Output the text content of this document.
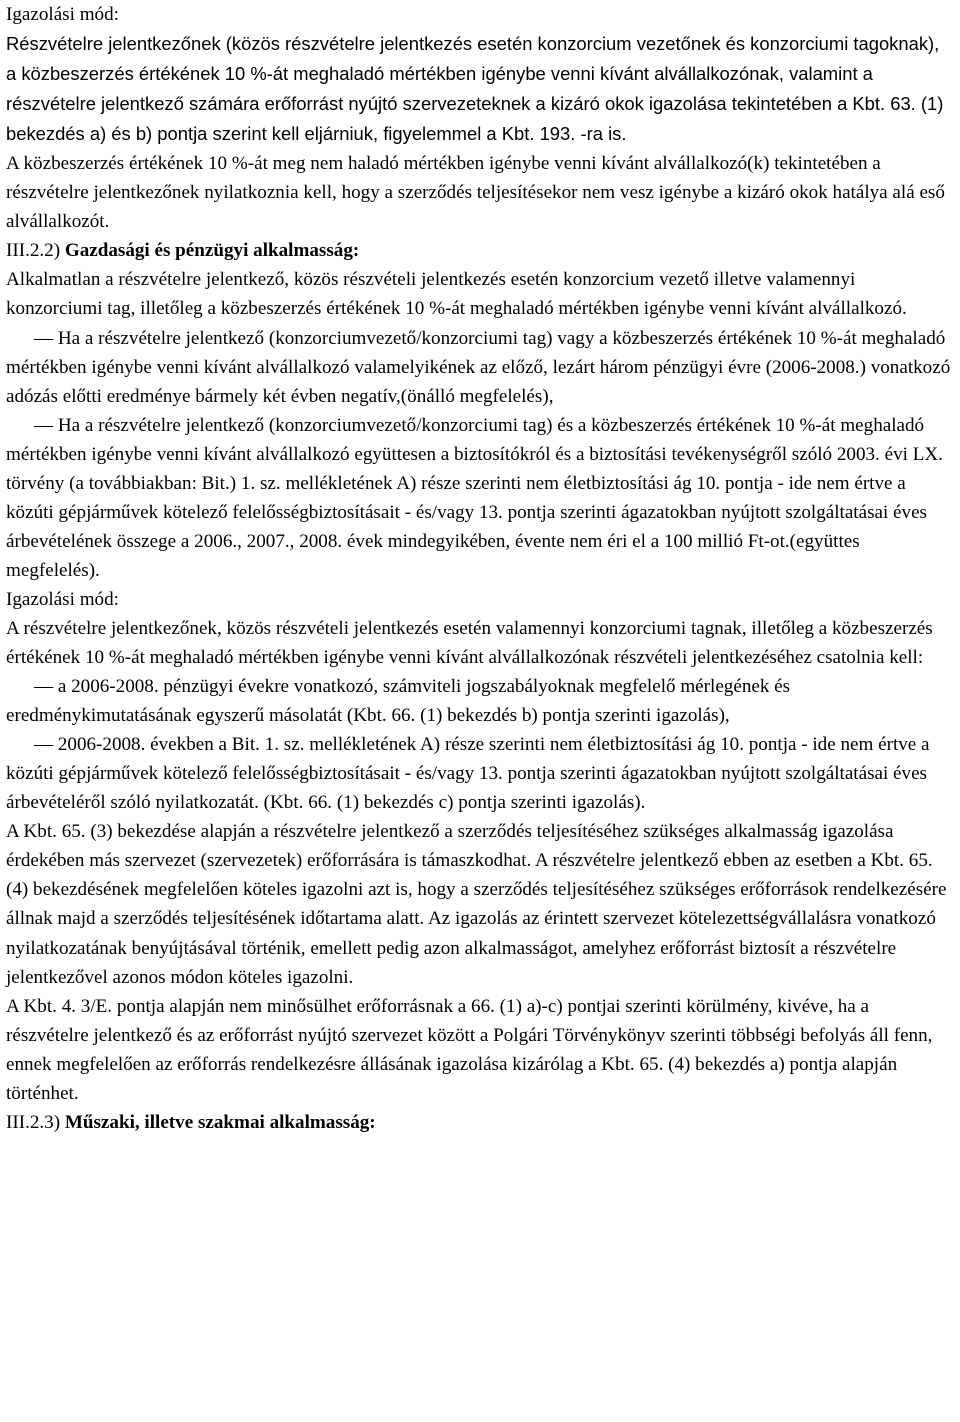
Igazolási mód:

Részvételre jelentkezőnek (közös részvételre jelentkezés esetén konzorcium vezetőnek és konzorciumi tagoknak), a közbeszerzés értékének 10 %-át meghaladó mértékben igénybe venni kívánt alvállalkozónak, valamint a részvételre jelentkező számára erőforrást nyújtó szervezeteknek a kizáró okok igazolása tekintetében a Kbt. 63. (1) bekezdés a) és b) pontja szerint kell eljárniuk, figyelemmel a Kbt. 193. -ra is.

A közbeszerzés értékének 10 %-át meg nem haladó mértékben igénybe venni kívánt alvállalkozó(k) tekintetében a részvételre jelentkezőnek nyilatkoznia kell, hogy a szerződés teljesítésekor nem vesz igénybe a kizáró okok hatálya alá eső alvállalkozót.

III.2.2) Gazdasági és pénzügyi alkalmasság:

Alkalmatlan a részvételre jelentkező, közös részvételi jelentkezés esetén konzorcium vezető illetve valamennyi konzorciumi tag, illetőleg a közbeszerzés értékének 10 %-át meghaladó mértékben igénybe venni kívánt alvállalkozó.

— Ha a részvételre jelentkező (konzorciumvezető/konzorciumi tag) vagy a közbeszerzés értékének 10 %-át meghaladó mértékben igénybe venni kívánt alvállalkozó valamelyikének az előző, lezárt három pénzügyi évre (2006-2008.) vonatkozó adózás előtti eredménye bármely két évben negatív,(önálló megfelelés),

— Ha a részvételre jelentkező (konzorciumvezető/konzorciumi tag) és a közbeszerzés értékének 10 %-át meghaladó mértékben igénybe venni kívánt alvállalkozó együttesen a biztosítókról és a biztosítási tevékenységről szóló 2003. évi LX. törvény (a továbbiakban: Bit.) 1. sz. mellékletének A) része szerinti nem életbiztosítási ág 10. pontja - ide nem értve a közúti gépjárművek kötelező felelősségbiztosításait - és/vagy 13. pontja szerinti ágazatokban nyújtott szolgáltatásai éves árbevételének összege a 2006., 2007., 2008. évek mindegyikében, évente nem éri el a 100 millió Ft-ot.(együttes megfelelés).

Igazolási mód:

A részvételre jelentkezőnek, közös részvételi jelentkezés esetén valamennyi konzorciumi tagnak, illetőleg a közbeszerzés értékének 10 %-át meghaladó mértékben igénybe venni kívánt alvállalkozónak részvételi jelentkezéséhez csatolnia kell:

— a 2006-2008. pénzügyi évekre vonatkozó, számviteli jogszabályoknak megfelelő mérlegének és eredménykimutatásának egyszerű másolatát (Kbt. 66. (1) bekezdés b) pontja szerinti igazolás),

— 2006-2008. években a Bit. 1. sz. mellékletének A) része szerinti nem életbiztosítási ág 10. pontja - ide nem értve a közúti gépjárművek kötelező felelősségbiztosításait - és/vagy 13. pontja szerinti ágazatokban nyújtott szolgáltatásai éves árbevételéről szóló nyilatkozatát. (Kbt. 66. (1) bekezdés c) pontja szerinti igazolás).

A Kbt. 65. (3) bekezdése alapján a részvételre jelentkező a szerződés teljesítéséhez szükséges alkalmasság igazolása érdekében más szervezet (szervezetek) erőforrására is támaszkodhat. A részvételre jelentkező ebben az esetben a Kbt. 65. (4) bekezdésének megfelelően köteles igazolni azt is, hogy a szerződés teljesítéséhez szükséges erőforrások rendelkezésére állnak majd a szerződés teljesítésének időtartama alatt. Az igazolás az érintett szervezet kötelezettségvállalásra vonatkozó nyilatkozatának benyújtásával történik, emellett pedig azon alkalmasságot, amelyhez erőforrást biztosít a részvételre jelentkezővel azonos módon köteles igazolni.

A Kbt. 4. 3/E. pontja alapján nem minősülhet erőforrásnak a 66. (1) a)-c) pontjai szerinti körülmény, kivéve, ha a részvételre jelentkező és az erőforrást nyújtó szervezet között a Polgári Törvénykönyv szerinti többségi befolyás áll fenn, ennek megfelelően az erőforrás rendelkezésre állásának igazolása kizárólag a Kbt. 65. (4) bekezdés a) pontja alapján történhet.

III.2.3) Műszaki, illetve szakmai alkalmasság:
